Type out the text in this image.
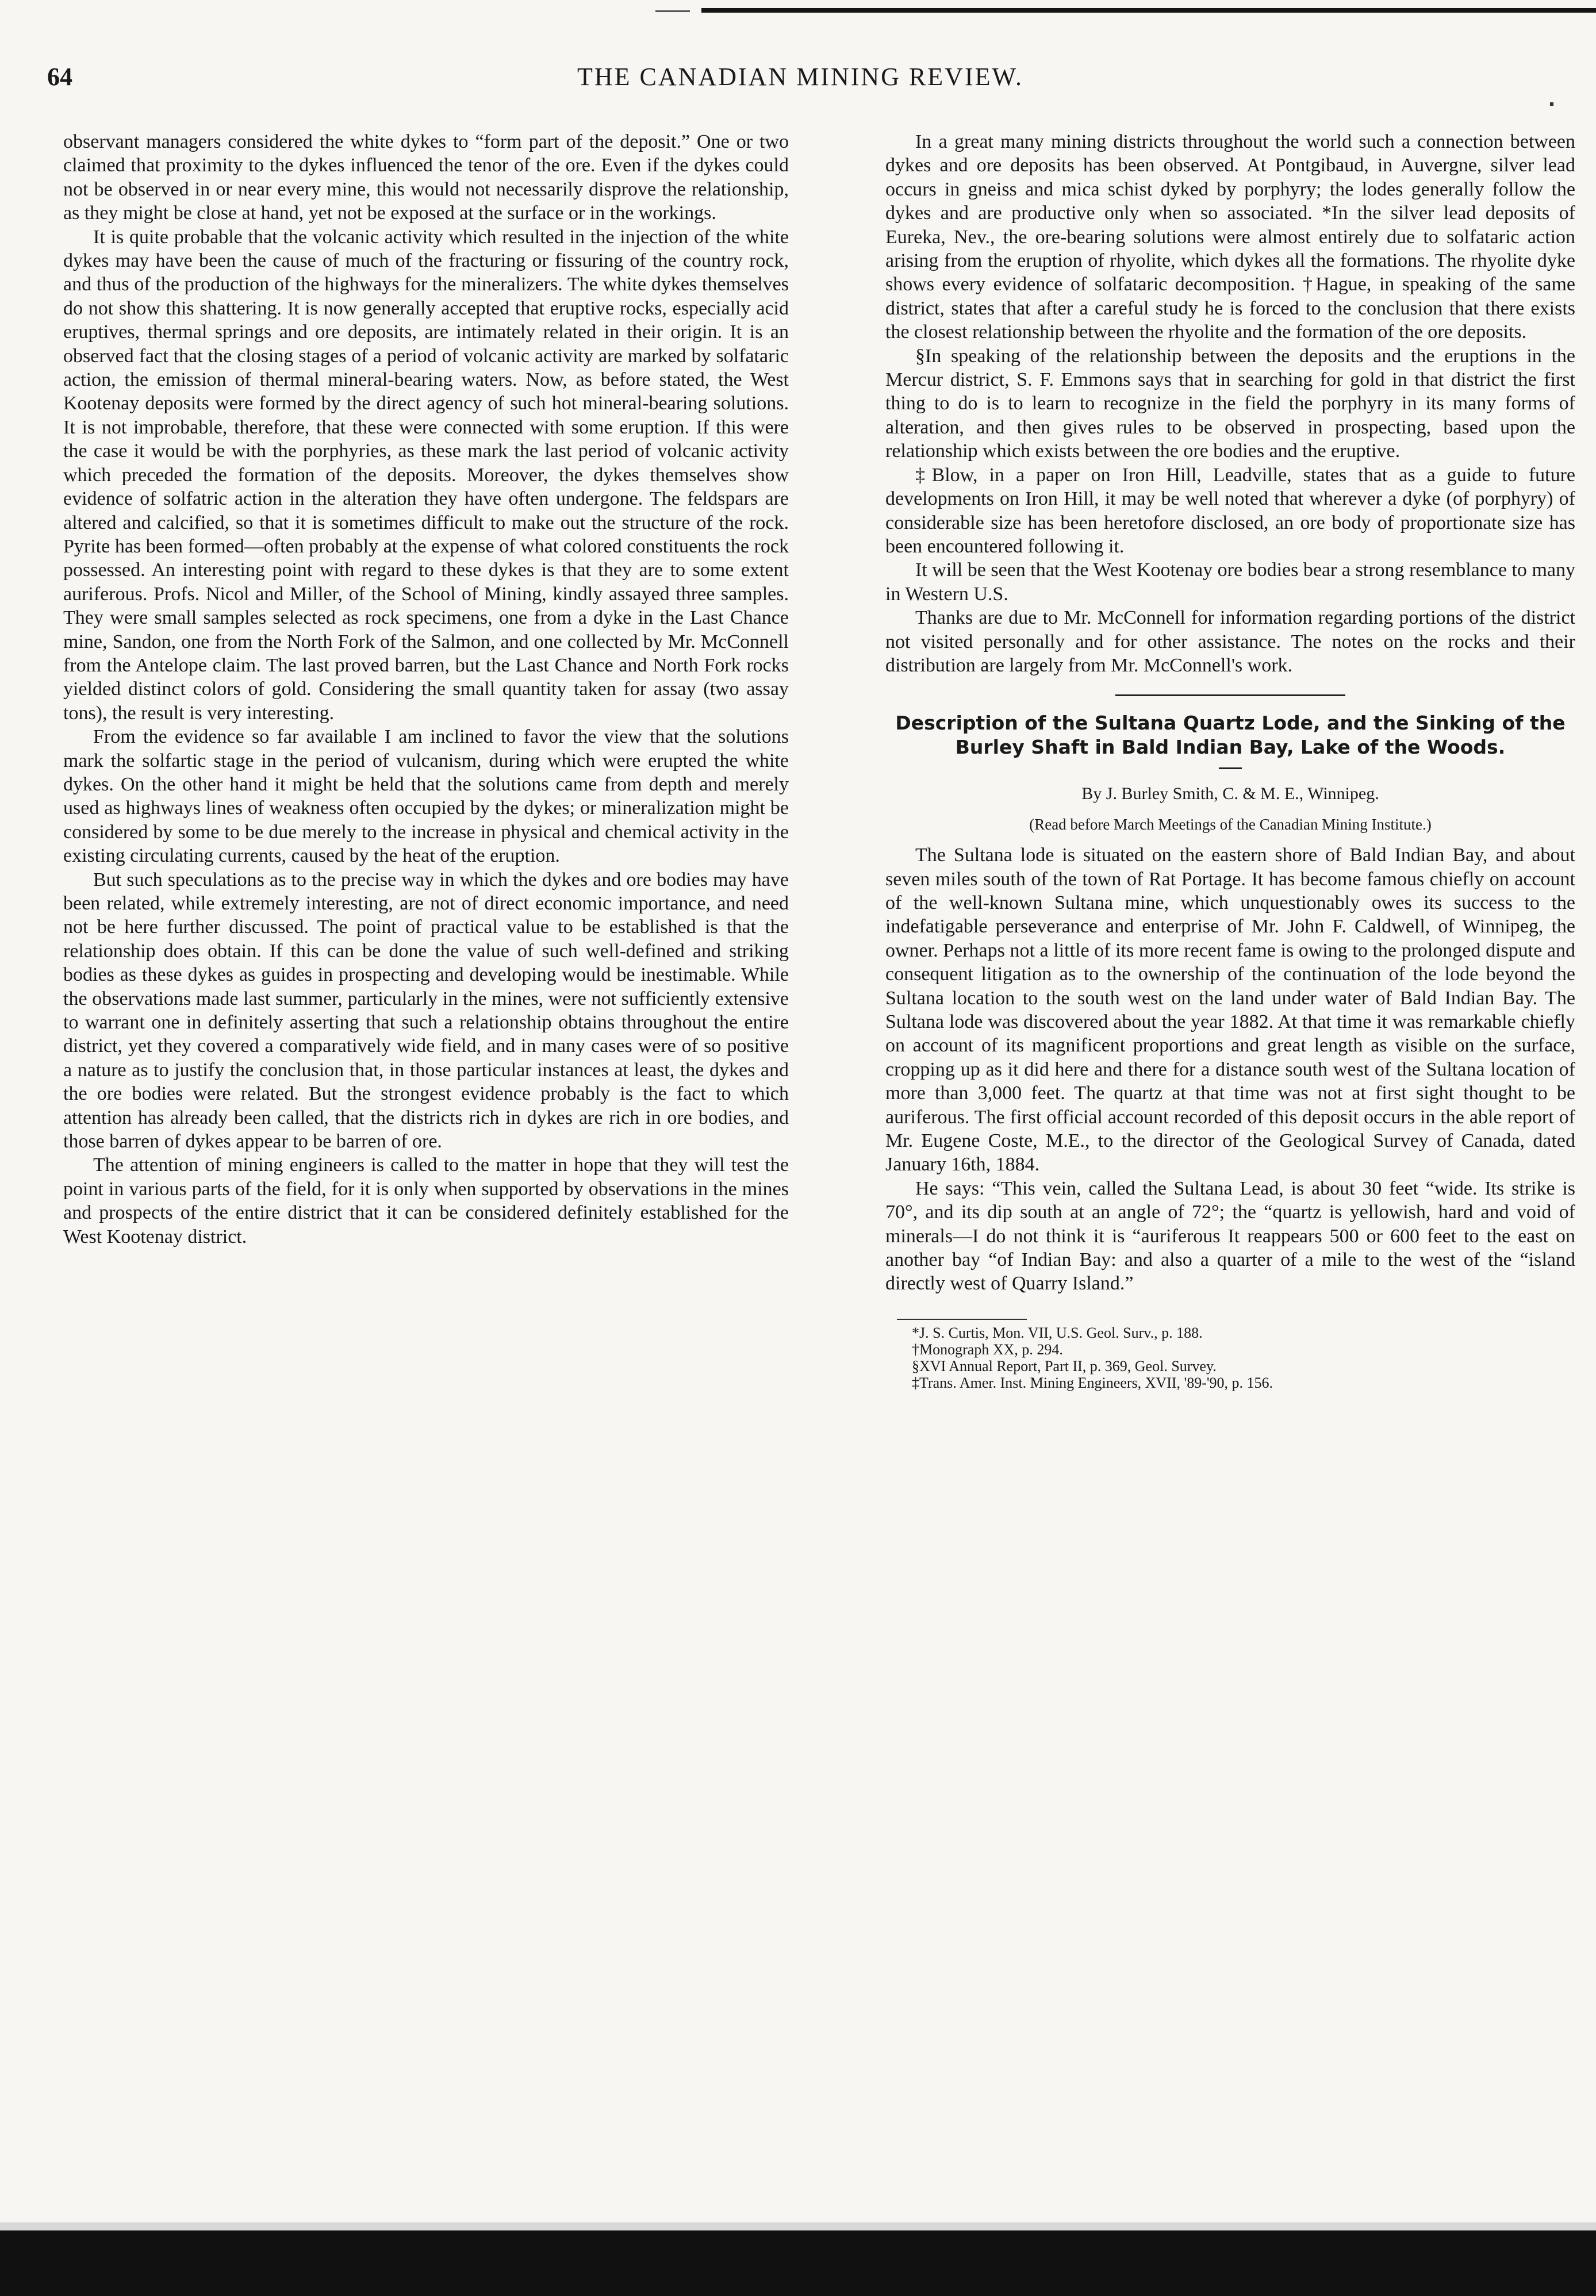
64	THE CANADIAN MINING REVIEW.

observant managers considered the white dykes to “form part of the deposit.” One or two claimed that proximity to the dykes influenced the tenor of the ore. Even if the dykes could not be observed in or near every mine, this would not necessarily disprove the relationship, as they might be close at hand, yet not be exposed at the surface or in the workings.

It is quite probable that the volcanic activity which resulted in the injection of the white dykes may have been the cause of much of the fracturing or fissuring of the country rock, and thus of the production of the highways for the mineralizers. The white dykes themselves do not show this shattering. It is now generally accepted that eruptive rocks, especially acid eruptives, thermal springs and ore deposits, are intimately related in their origin. It is an observed fact that the closing stages of a period of volcanic activity are marked by solfataric action, the emission of thermal mineral-bearing waters. Now, as before stated, the West Kootenay deposits were formed by the direct agency of such hot mineral-bearing solutions. It is not improbable, therefore, that these were connected with some eruption. If this were the case it would be with the porphyries, as these mark the last period of volcanic activity which preceded the formation of the deposits. Moreover, the dykes themselves show evidence of solfatric action in the alteration they have often undergone. The feldspars are altered and calcified, so that it is sometimes difficult to make out the structure of the rock. Pyrite has been formed—often probably at the expense of what colored constituents the rock possessed. An interesting point with regard to these dykes is that they are to some extent auriferous. Profs. Nicol and Miller, of the School of Mining, kindly assayed three samples. They were small samples selected as rock specimens, one from a dyke in the Last Chance mine, Sandon, one from the North Fork of the Salmon, and one collected by Mr. McConnell from the Antelope claim. The last proved barren, but the Last Chance and North Fork rocks yielded distinct colors of gold. Considering the small quantity taken for assay (two assay tons), the result is very interesting.

From the evidence so far available I am inclined to favor the view that the solutions mark the solfartic stage in the period of vulcanism, during which were erupted the white dykes. On the other hand it might be held that the solutions came from depth and merely used as highways lines of weakness often occupied by the dykes; or mineralization might be considered by some to be due merely to the increase in physical and chemical activity in the existing circulating currents, caused by the heat of the eruption.

But such speculations as to the precise way in which the dykes and ore bodies may have been related, while extremely interesting, are not of direct economic importance, and need not be here further discussed. The point of practical value to be established is that the relationship does obtain. If this can be done the value of such well-defined and striking bodies as these dykes as guides in prospecting and developing would be inestimable. While the observations made last summer, particularly in the mines, were not sufficiently extensive to warrant one in definitely asserting that such a relationship obtains throughout the entire district, yet they covered a comparatively wide field, and in many cases were of so positive a nature as to justify the conclusion that, in those particular instances at least, the dykes and the ore bodies were related. But the strongest evidence probably is the fact to which attention has already been called, that the districts rich in dykes are rich in ore bodies, and those barren of dykes appear to be barren of ore.

The attention of mining engineers is called to the matter in hope that they will test the point in various parts of the field, for it is only when supported by observations in the mines and prospects of the entire district that it can be considered definitely established for the West Kootenay district.

In a great many mining districts throughout the world such a connection between dykes and ore deposits has been observed. At Pontgibaud, in Auvergne, silver lead occurs in gneiss and mica schist dyked by porphyry; the lodes generally follow the dykes and are productive only when so associated. *In the silver lead deposits of Eureka, Nev., the ore-bearing solutions were almost entirely due to solfataric action arising from the eruption of rhyolite, which dykes all the formations. The rhyolite dyke shows every evidence of solfataric decomposition. †Hague, in speaking of the same district, states that after a careful study he is forced to the conclusion that there exists the closest relationship between the rhyolite and the formation of the ore deposits.

§In speaking of the relationship between the deposits and the eruptions in the Mercur district, S. F. Emmons says that in searching for gold in that district the first thing to do is to learn to recognize in the field the porphyry in its many forms of alteration, and then gives rules to be observed in prospecting, based upon the relationship which exists between the ore bodies and the eruptive.

‡Blow, in a paper on Iron Hill, Leadville, states that as a guide to future developments on Iron Hill, it may be well noted that wherever a dyke (of porphyry) of considerable size has been heretofore disclosed, an ore body of proportionate size has been encountered following it.

It will be seen that the West Kootenay ore bodies bear a strong resemblance to many in Western U.S.

Thanks are due to Mr. McConnell for information regarding portions of the district not visited personally and for other assistance. The notes on the rocks and their distribution are largely from Mr. McConnell's work.

Description of the Sultana Quartz Lode, and the Sinking of the Burley Shaft in Bald Indian Bay, Lake of the Woods.
By J. Burley Smith, C. & M. E., Winnipeg.
(Read before March Meetings of the Canadian Mining Institute.)

The Sultana lode is situated on the eastern shore of Bald Indian Bay, and about seven miles south of the town of Rat Portage. It has become famous chiefly on account of the well-known Sultana mine, which unquestionably owes its success to the indefatigable perseverance and enterprise of Mr. John F. Caldwell, of Winnipeg, the owner. Perhaps not a little of its more recent fame is owing to the prolonged dispute and consequent litigation as to the ownership of the continuation of the lode beyond the Sultana location to the south west on the land under water of Bald Indian Bay. The Sultana lode was discovered about the year 1882. At that time it was remarkable chiefly on account of its magnificent proportions and great length as visible on the surface, cropping up as it did here and there for a distance south west of the Sultana location of more than 3,000 feet. The quartz at that time was not at first sight thought to be auriferous. The first official account recorded of this deposit occurs in the able report of Mr. Eugene Coste, M.E., to the director of the Geological Survey of Canada, dated January 16th, 1884.

He says: “This vein, called the Sultana Lead, is about 30 feet “wide. Its strike is 70°, and its dip south at an angle of 72°; the “quartz is yellowish, hard and void of minerals—I do not think it is “auriferous It reappears 500 or 600 feet to the east on another bay “of Indian Bay: and also a quarter of a mile to the west of the “island directly west of Quarry Island.”

*J. S. Curtis, Mon. VII, U.S. Geol. Surv., p. 188.
†Monograph XX, p. 294.
§XVI Annual Report, Part II, p. 369, Geol. Survey.
‡Trans. Amer. Inst. Mining Engineers, XVII, '89-'90, p. 156.
